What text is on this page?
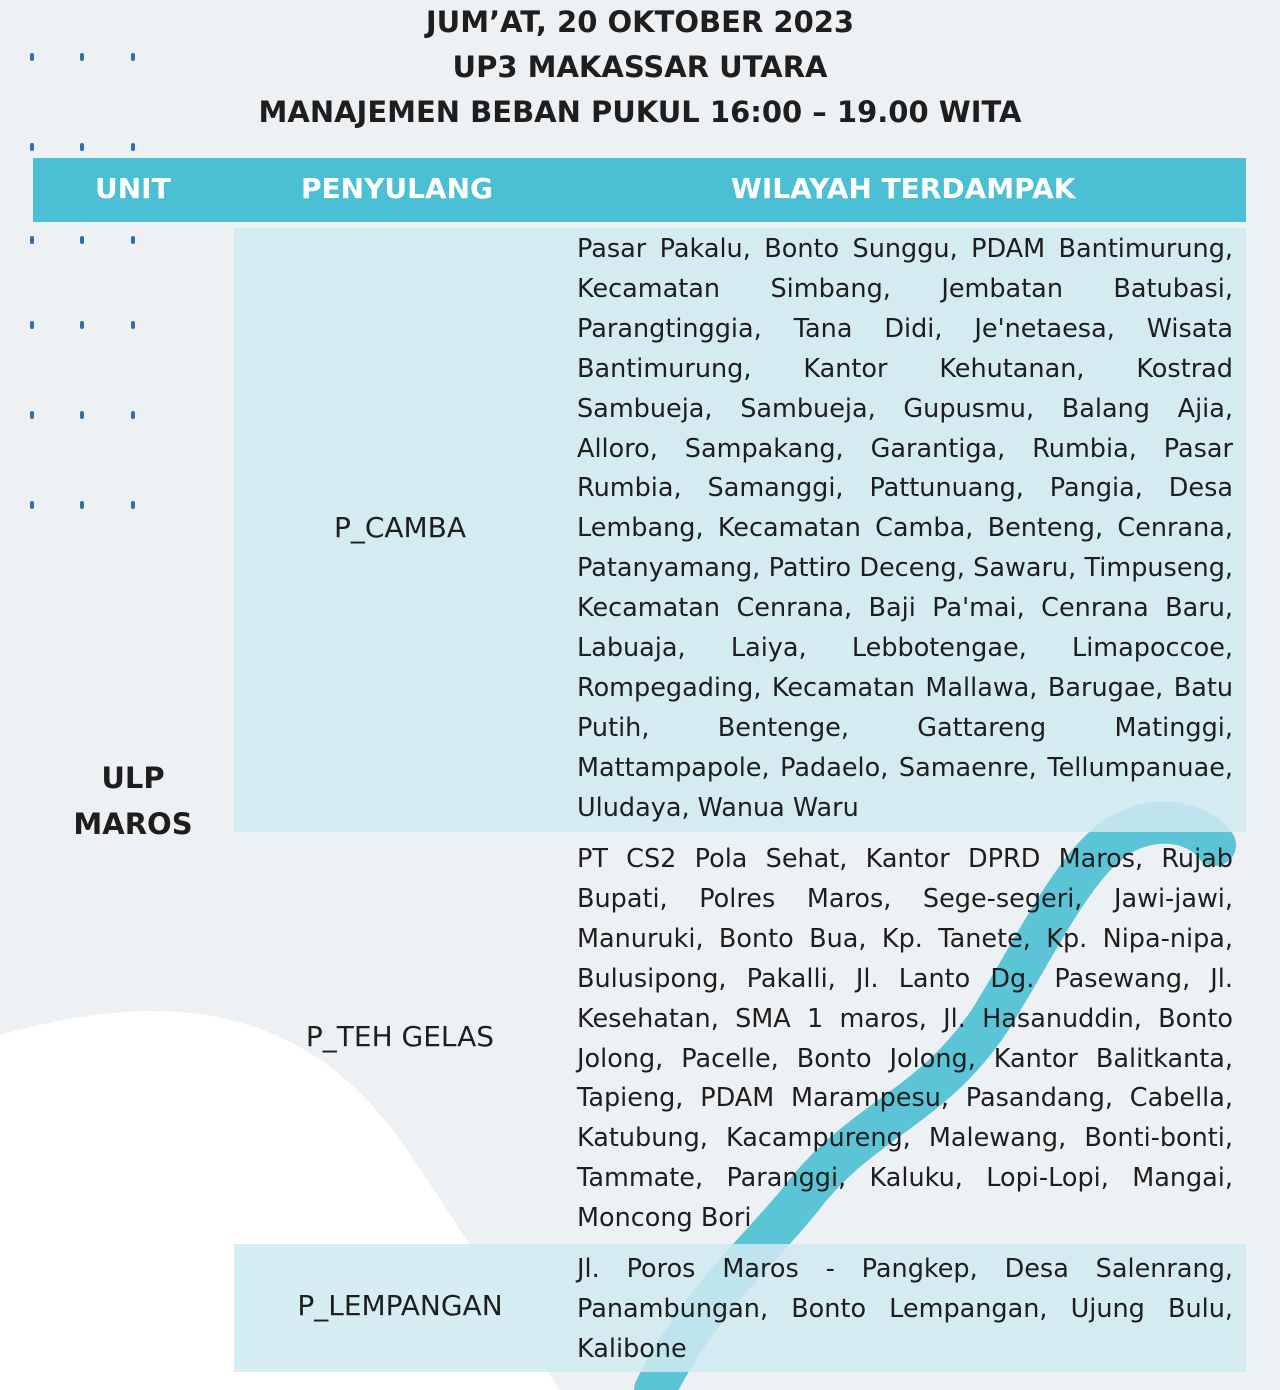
JUM’AT, 20 OKTOBER 2023
UP3 MAKASSAR UTARA
MANAJEMEN BEBAN PUKUL 16:00 – 19.00 WITA
UNIT	PENYULANG	WILAYAH TERDAMPAK
ULP
MAROS
P_CAMBA
Pasar Pakalu, Bonto Sunggu, PDAM Bantimurung, Kecamatan Simbang, Jembatan Batubasi, Parangtinggia, Tana Didi, Je'netaesa, Wisata Bantimurung, Kantor Kehutanan, Kostrad Sambueja, Sambueja, Gupusmu, Balang Ajia, Alloro, Sampakang, Garantiga, Rumbia, Pasar Rumbia, Samanggi, Pattunuang, Pangia, Desa Lembang, Kecamatan Camba, Benteng, Cenrana, Patanyamang, Pattiro Deceng, Sawaru, Timpuseng, Kecamatan Cenrana, Baji Pa'mai, Cenrana Baru, Labuaja, Laiya, Lebbotengae, Limapoccoe, Rompegading, Kecamatan Mallawa, Barugae, Batu Putih, Bentenge, Gattareng Matinggi, Mattampapole, Padaelo, Samaenre, Tellumpanuae, Uludaya, Wanua Waru
P_TEH GELAS
PT CS2 Pola Sehat, Kantor DPRD Maros, Rujab Bupati, Polres Maros, Sege-segeri, Jawi-jawi, Manuruki, Bonto Bua, Kp. Tanete, Kp. Nipa-nipa, Bulusipong, Pakalli, Jl. Lanto Dg. Pasewang, Jl. Kesehatan, SMA 1 maros, Jl. Hasanuddin, Bonto Jolong, Pacelle, Bonto Jolong, Kantor Balitkanta, Tapieng, PDAM Marampesu, Pasandang, Cabella, Katubung, Kacampureng, Malewang, Bonti-bonti, Tammate, Paranggi, Kaluku, Lopi-Lopi, Mangai, Moncong Bori
P_LEMPANGAN
Jl. Poros Maros - Pangkep, Desa Salenrang, Panambungan, Bonto Lempangan, Ujung Bulu, Kalibone
